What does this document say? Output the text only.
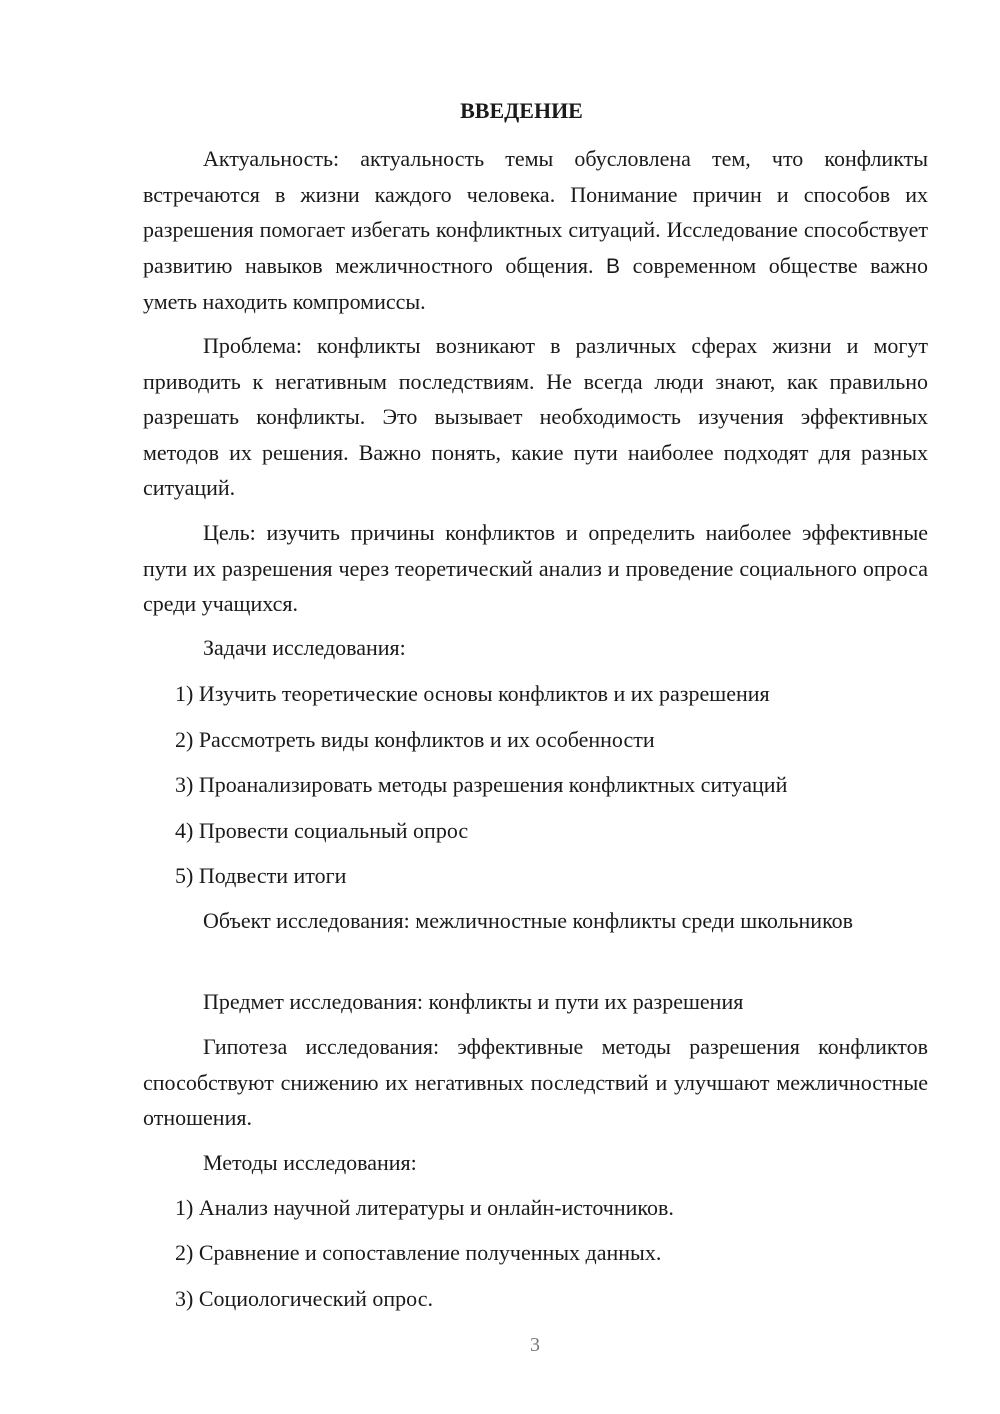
ВВЕДЕНИЕ
Актуальность: актуальность темы обусловлена тем, что конфликты встречаются в жизни каждого человека. Понимание причин и способов их разрешения помогает избегать конфликтных ситуаций. Исследование способствует развитию навыков межличностного общения. В современном обществе важно уметь находить компромиссы.
Проблема: конфликты возникают в различных сферах жизни и могут приводить к негативным последствиям. Не всегда люди знают, как правильно разрешать конфликты. Это вызывает необходимость изучения эффективных методов их решения. Важно понять, какие пути наиболее подходят для разных ситуаций.
Цель: изучить причины конфликтов и определить наиболее эффективные пути их разрешения через теоретический анализ и проведение социального опроса среди учащихся.
Задачи исследования:
1) Изучить теоретические основы конфликтов и их разрешения
2) Рассмотреть виды конфликтов и их особенности
3) Проанализировать методы разрешения конфликтных ситуаций
4) Провести социальный опрос
5) Подвести итоги
Объект исследования: межличностные конфликты среди школьников
Предмет исследования: конфликты и пути их разрешения
Гипотеза исследования: эффективные методы разрешения конфликтов способствуют снижению их негативных последствий и улучшают межличностные отношения.
Методы исследования:
1) Анализ научной литературы и онлайн-источников.
2) Сравнение и сопоставление полученных данных.
3) Социологический опрос.
3
